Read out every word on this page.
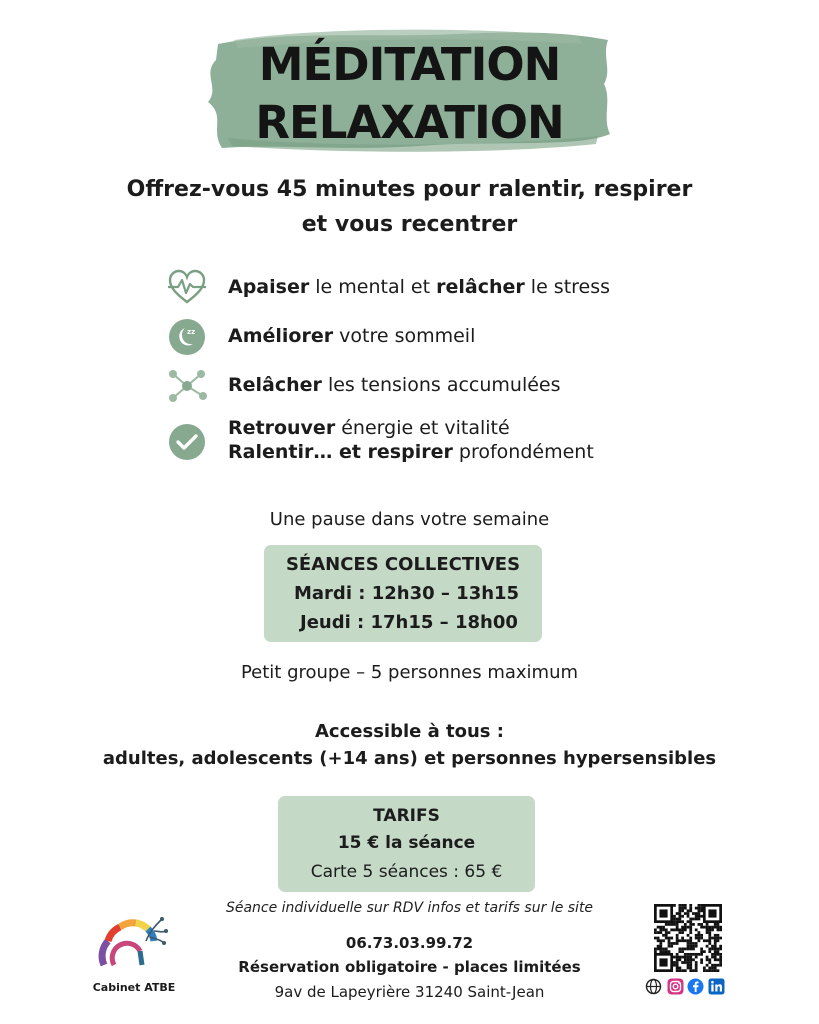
MÉDITATION
RELAXATION
Offrez-vous 45 minutes pour ralentir, respirer
et vous recentrer
Apaiser le mental et relâcher le stress
zz Améliorer votre sommeil
Relâcher les tensions accumulées
Retrouver énergie et vitalité
Ralentir… et respirer profondément
Une pause dans votre semaine
SÉANCES COLLECTIVES
Mardi : 12h30 – 13h15
Jeudi : 17h15 – 18h00
Petit groupe – 5 personnes maximum
Accessible à tous :
adultes, adolescents (+14 ans) et personnes hypersensibles
TARIFS
15 € la séance
Carte 5 séances : 65 €
Séance individuelle sur RDV infos et tarifs sur le site
06.73.03.99.72
Réservation obligatoire - places limitées
9av de Lapeyrière 31240 Saint-Jean
Cabinet ATBE
